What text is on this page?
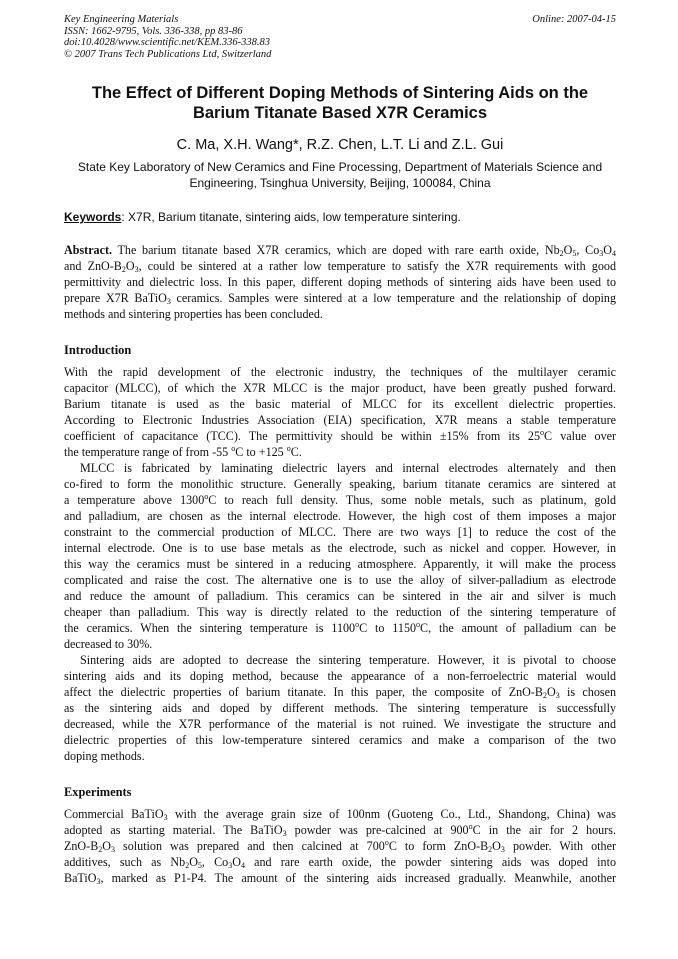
Key Engineering Materials
ISSN: 1662-9795, Vols. 336-338, pp 83-86
doi:10.4028/www.scientific.net/KEM.336-338.83
© 2007 Trans Tech Publications Ltd, Switzerland
Online: 2007-04-15
The Effect of Different Doping Methods of Sintering Aids on the
Barium Titanate Based X7R Ceramics
C. Ma, X.H. Wang*, R.Z. Chen, L.T. Li and Z.L. Gui
State Key Laboratory of New Ceramics and Fine Processing, Department of Materials Science and
Engineering, Tsinghua University, Beijing, 100084, China
Keywords: X7R, Barium titanate, sintering aids, low temperature sintering.
Abstract. The barium titanate based X7R ceramics, which are doped with rare earth oxide, $Nb_2O_5$, $Co_3O_4$
and ZnO-$B_2O_3$, could be sintered at a rather low temperature to satisfy the X7R requirements with good
permittivity and dielectric loss. In this paper, different doping methods of sintering aids have been used to
prepare X7R BaTiO$_3$ ceramics. Samples were sintered at a low temperature and the relationship of doping
methods and sintering properties has been concluded.
Introduction
With the rapid development of the electronic industry, the techniques of the multilayer ceramic
capacitor (MLCC), of which the X7R MLCC is the major product, have been greatly pushed forward.
Barium titanate is used as the basic material of MLCC for its excellent dielectric properties.
According to Electronic Industries Association (EIA) specification, X7R means a stable temperature
coefficient of capacitance (TCC). The permittivity should be within ±15% from its 25$^o$C value over
the temperature range of from -55 $^o$C to +125 $^o$C.
MLCC is fabricated by laminating dielectric layers and internal electrodes alternately and then
co-fired to form the monolithic structure. Generally speaking, barium titanate ceramics are sintered at
a temperature above 1300$^o$C to reach full density. Thus, some noble metals, such as platinum, gold
and palladium, are chosen as the internal electrode. However, the high cost of them imposes a major
constraint to the commercial production of MLCC. There are two ways [1] to reduce the cost of the
internal electrode. One is to use base metals as the electrode, such as nickel and copper. However, in
this way the ceramics must be sintered in a reducing atmosphere. Apparently, it will make the process
complicated and raise the cost. The alternative one is to use the alloy of silver-palladium as electrode
and reduce the amount of palladium. This ceramics can be sintered in the air and silver is much
cheaper than palladium. This way is directly related to the reduction of the sintering temperature of
the ceramics. When the sintering temperature is 1100$^o$C to 1150$^o$C, the amount of palladium can be
decreased to 30%.
Sintering aids are adopted to decrease the sintering temperature. However, it is pivotal to choose
sintering aids and its doping method, because the appearance of a non-ferroelectric material would
affect the dielectric properties of barium titanate. In this paper, the composite of ZnO-$B_2O_3$ is chosen
as the sintering aids and doped by different methods. The sintering temperature is successfully
decreased, while the X7R performance of the material is not ruined. We investigate the structure and
dielectric properties of this low-temperature sintered ceramics and make a comparison of the two
doping methods.
Experiments
Commercial BaTiO$_3$ with the average grain size of 100nm (Guoteng Co., Ltd., Shandong, China) was
adopted as starting material. The BaTiO$_3$ powder was pre-calcined at 900$^o$C in the air for 2 hours.
ZnO-$B_2O_3$ solution was prepared and then calcined at 700$^o$C to form ZnO-$B_2O_3$ powder. With other
additives, such as $Nb_2O_5$, $Co_3O_4$ and rare earth oxide, the powder sintering aids was doped into
BaTiO$_3$, marked as P1-P4. The amount of the sintering aids increased gradually. Meanwhile, another
